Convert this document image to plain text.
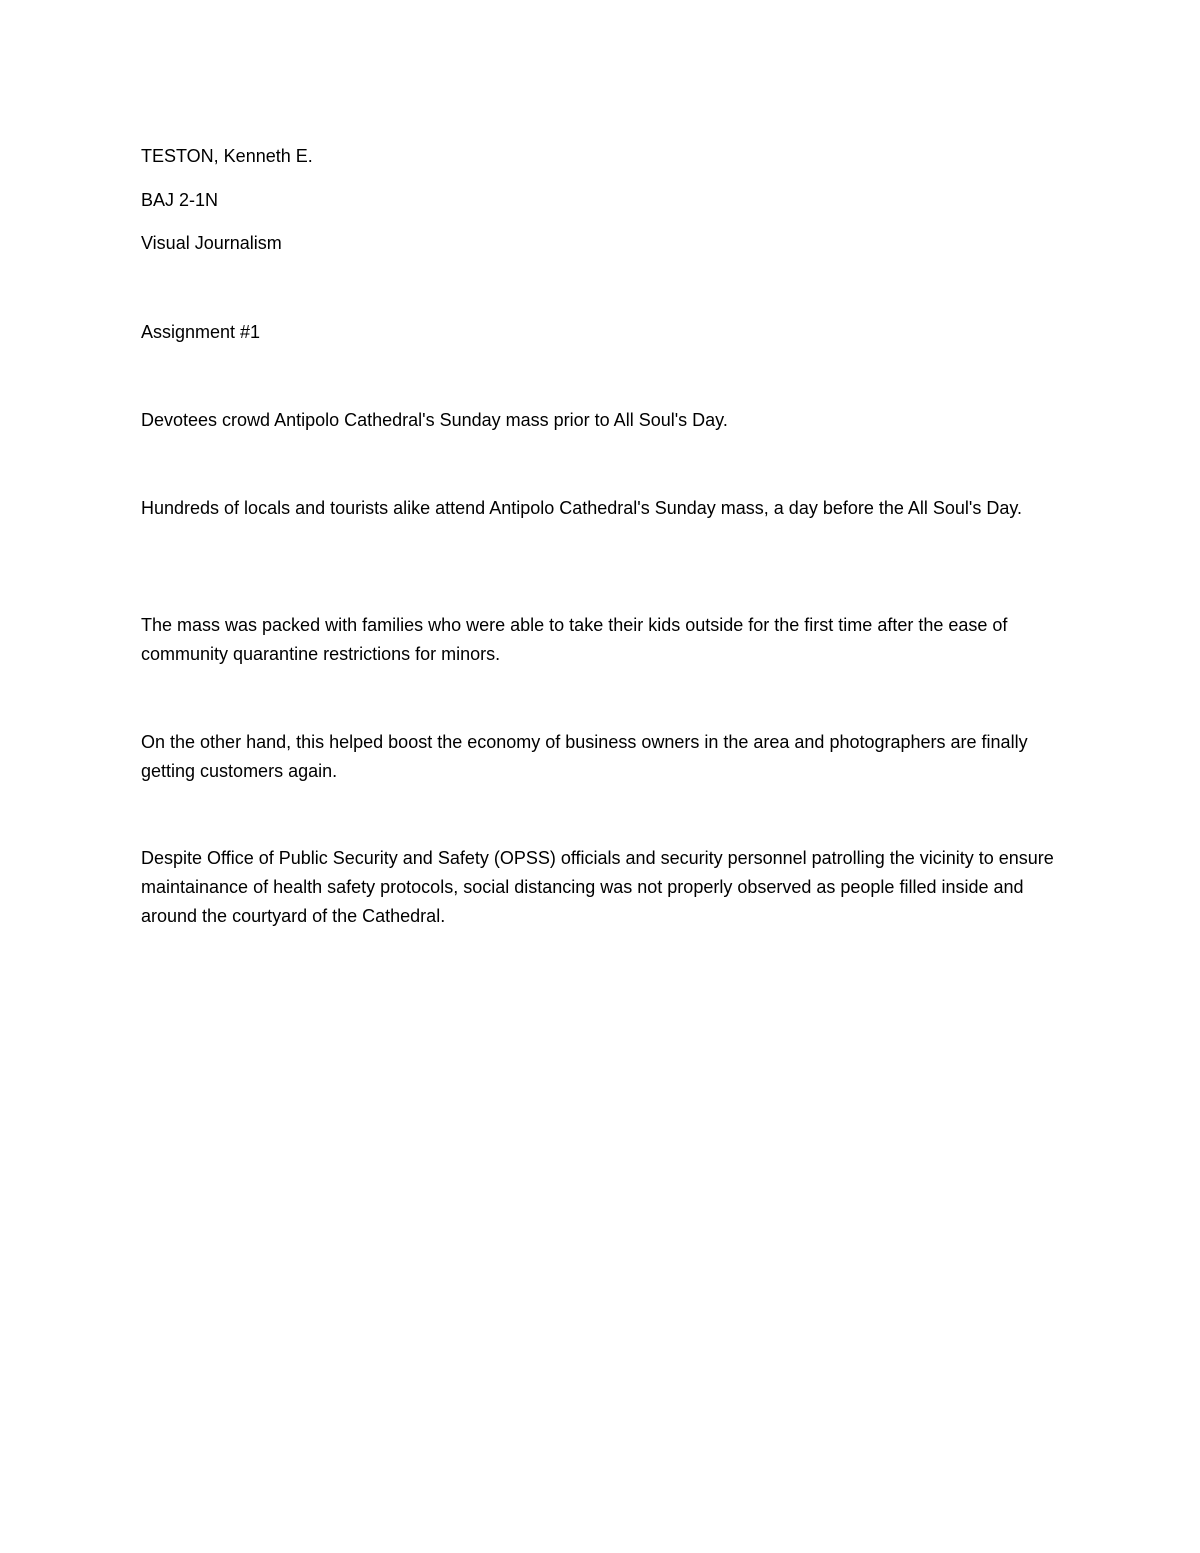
TESTON, Kenneth E.

BAJ 2-1N

Visual Journalism

Assignment #1

Devotees crowd Antipolo Cathedral's Sunday mass prior to All Soul's Day.

Hundreds of locals and tourists alike attend Antipolo Cathedral's Sunday mass, a day before the All Soul's Day.

The mass was packed with families who were able to take their kids outside for the first time after the ease of community quarantine restrictions for minors.

On the other hand, this helped boost the economy of business owners in the area and photographers are finally getting customers again.

Despite Office of Public Security and Safety (OPSS) officials and security personnel patrolling the vicinity to ensure maintainance of health safety protocols, social distancing was not properly observed as people filled inside and around the courtyard of the Cathedral.
